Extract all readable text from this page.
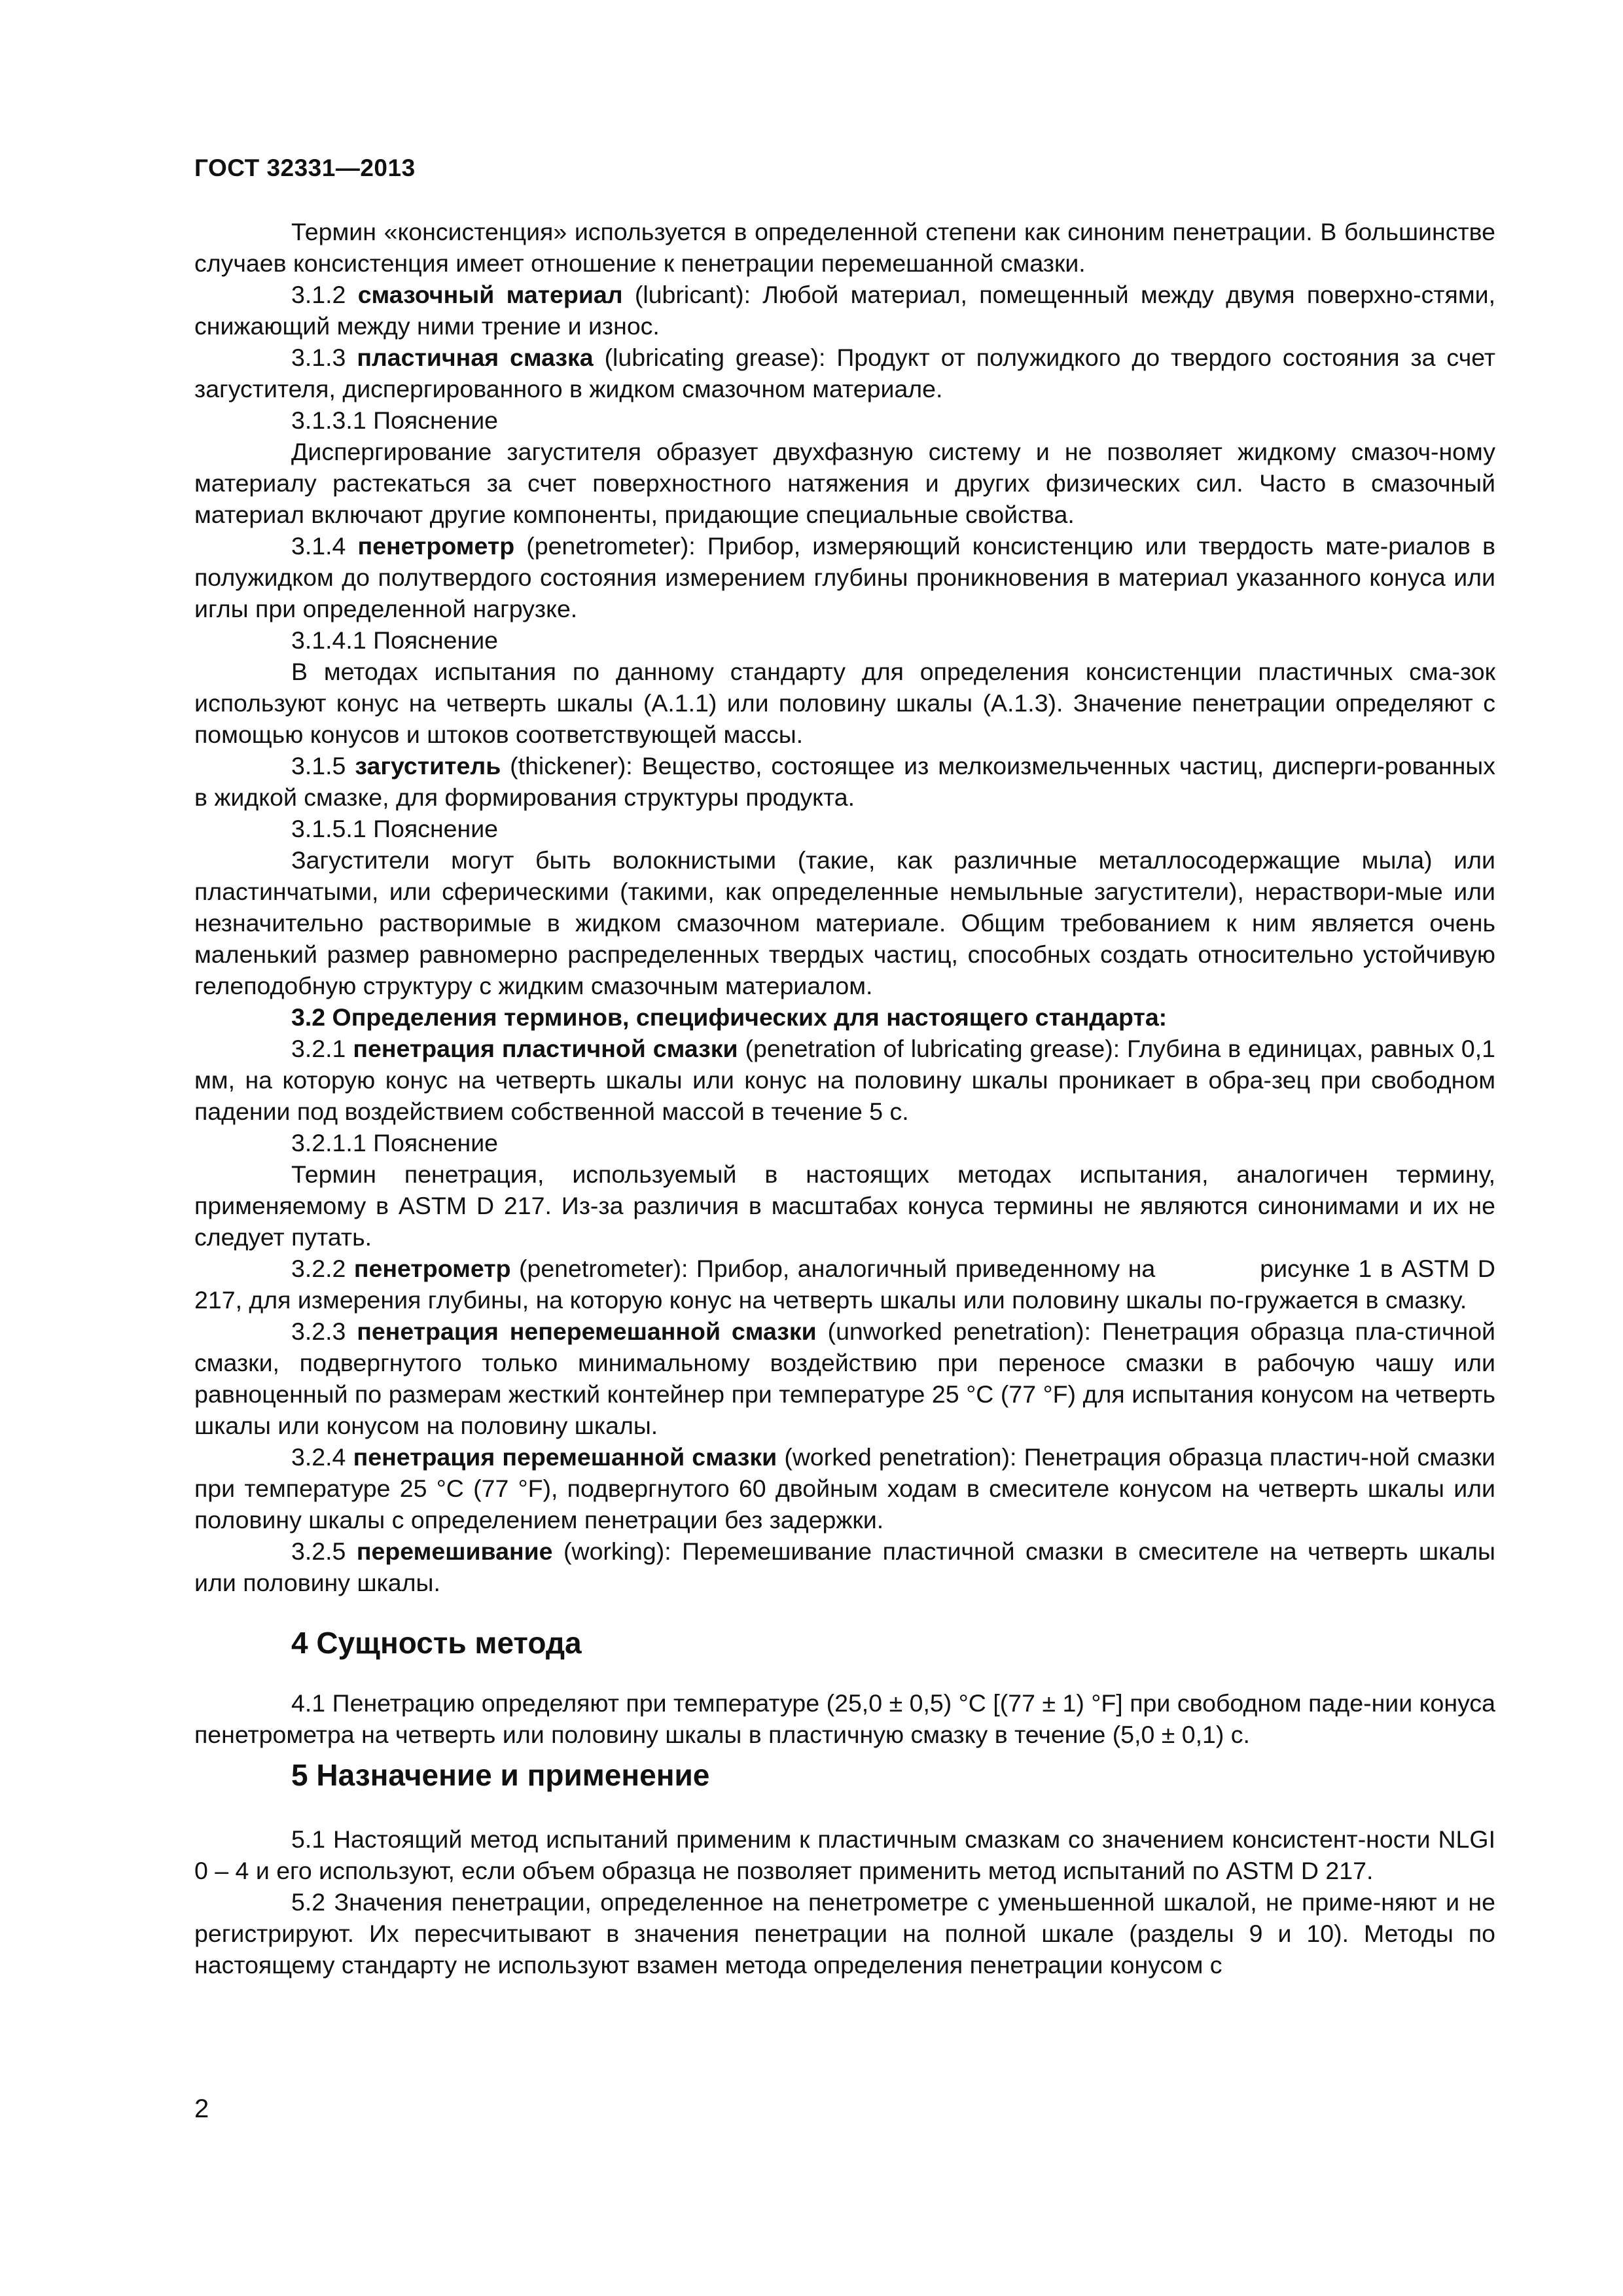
ГОСТ 32331—2013

Термин «консистенция» используется в определенной степени как синоним пенетрации. В большинстве случаев консистенция имеет отношение к пенетрации перемешанной смазки.

3.1.2 смазочный материал (lubricant): Любой материал, помещенный между двумя поверхно-стями, снижающий между ними трение и износ.

3.1.3 пластичная смазка (lubricating grease): Продукт от полужидкого до твердого состояния за счет загустителя, диспергированного в жидком смазочном материале.

3.1.3.1 Пояснение

Диспергирование загустителя образует двухфазную систему и не позволяет жидкому смазоч-ному материалу растекаться за счет поверхностного натяжения и других физических сил. Часто в смазочный материал включают другие компоненты, придающие специальные свойства.

3.1.4 пенетрометр (penetrometer): Прибор, измеряющий консистенцию или твердость мате-риалов в полужидком до полутвердого состояния измерением глубины проникновения в материал указанного конуса или иглы при определенной нагрузке.

3.1.4.1 Пояснение

В методах испытания по данному стандарту для определения консистенции пластичных сма-зок используют конус на четверть шкалы (A.1.1) или половину шкалы (A.1.3). Значение пенетрации определяют с помощью конусов и штоков соответствующей массы.

3.1.5 загуститель (thickener): Вещество, состоящее из мелкоизмельченных частиц, дисперги-рованных в жидкой смазке, для формирования структуры продукта.

3.1.5.1 Пояснение

Загустители могут быть волокнистыми (такие, как различные металлосодержащие мыла) или пластинчатыми, или сферическими (такими, как определенные немыльные загустители), нераствори-мые или незначительно растворимые в жидком смазочном материале. Общим требованием к ним является очень маленький размер равномерно распределенных твердых частиц, способных создать относительно устойчивую гелеподобную структуру с жидким смазочным материалом.

3.2 Определения терминов, специфических для настоящего стандарта:

3.2.1 пенетрация пластичной смазки (penetration of lubricating grease): Глубина в единицах, равных 0,1 мм, на которую конус на четверть шкалы или конус на половину шкалы проникает в обра-зец при свободном падении под воздействием собственной массой в течение 5 с.

3.2.1.1 Пояснение

Термин пенетрация, используемый в настоящих методах испытания, аналогичен термину, применяемому в ASTM D 217. Из-за различия в масштабах конуса термины не являются синонимами и их не следует путать.

3.2.2 пенетрометр (penetrometer): Прибор, аналогичный приведенному на	рисунке 1 в ASTM D 217, для измерения глубины, на которую конус на четверть шкалы или половину шкалы по-гружается в смазку.

3.2.3 пенетрация неперемешанной смазки (unworked penetration): Пенетрация образца пла-стичной смазки, подвергнутого только минимальному воздействию при переносе смазки в рабочую чашу или равноценный по размерам жесткий контейнер при температуре 25 °С (77 °F) для испытания конусом на четверть шкалы или конусом на половину шкалы.

3.2.4 пенетрация перемешанной смазки (worked penetration): Пенетрация образца пластич-ной смазки при температуре 25 °С (77 °F), подвергнутого 60 двойным ходам в смесителе конусом на четверть шкалы или половину шкалы с определением пенетрации без задержки.

3.2.5 перемешивание (working): Перемешивание пластичной смазки в смесителе на четверть шкалы или половину шкалы.

4 Сущность метода

4.1 Пенетрацию определяют при температуре (25,0 ± 0,5) °С [(77 ± 1) °F] при свободном паде-нии конуса пенетрометра на четверть или половину шкалы в пластичную смазку в течение (5,0 ± 0,1) с.

5 Назначение и применение

5.1 Настоящий метод испытаний применим к пластичным смазкам со значением консистент-ности NLGI 0 – 4 и его используют, если объем образца не позволяет применить метод испытаний по ASTM D 217.

5.2 Значения пенетрации, определенное на пенетрометре с уменьшенной шкалой, не приме-няют и не регистрируют. Их пересчитывают в значения пенетрации на полной шкале (разделы 9 и 10). Методы по настоящему стандарту не используют взамен метода определения пенетрации конусом с

2
